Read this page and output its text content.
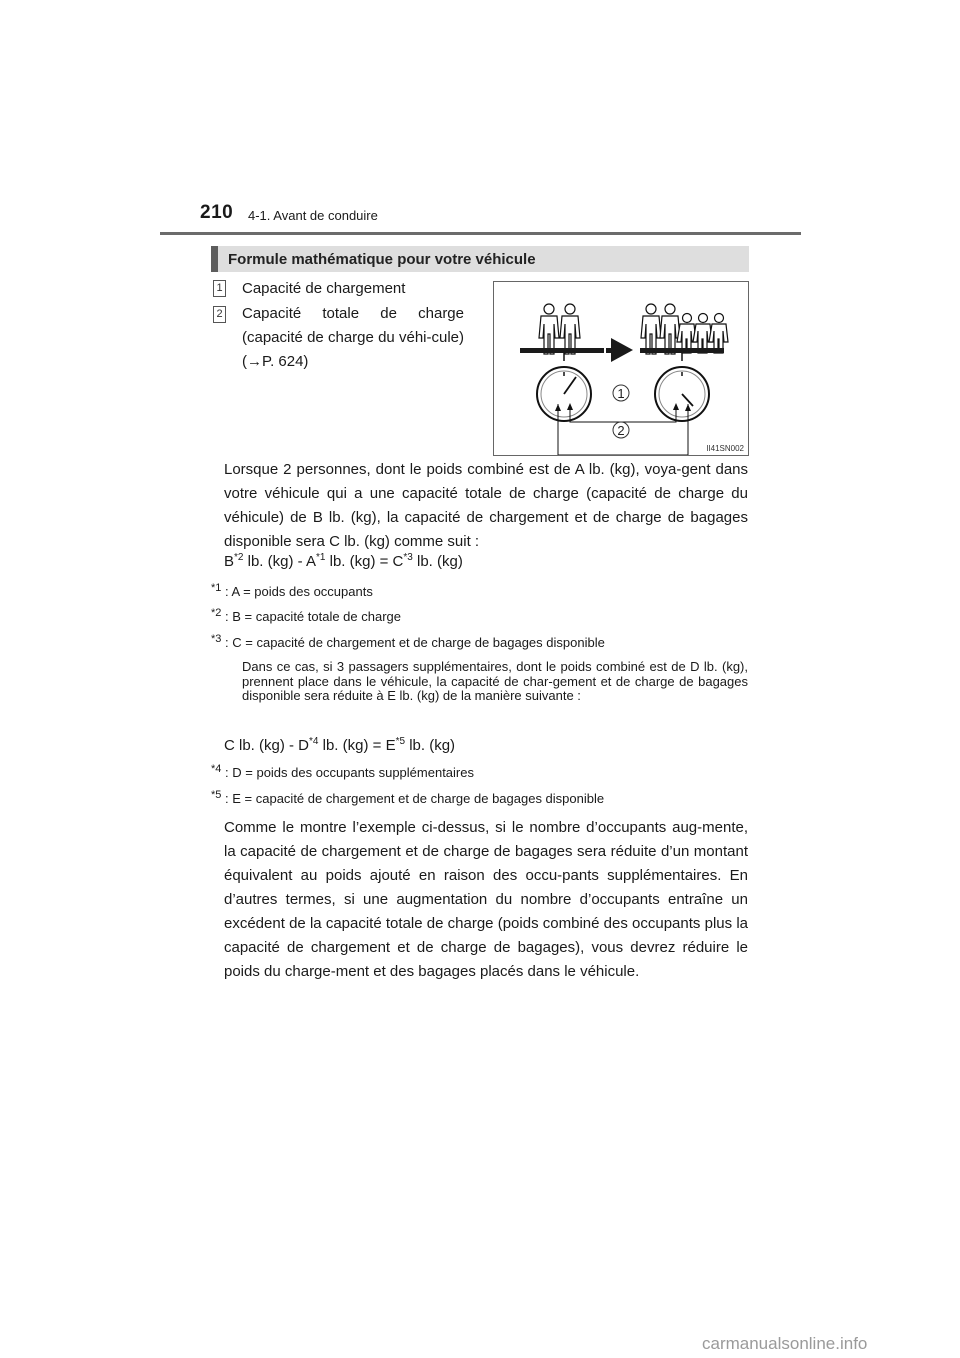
210 4-1. Avant de conduire
Formule mathématique pour votre véhicule
1 Capacité de chargement
2 Capacité totale de charge (capacité de charge du véhi-cule) (→P. 624)
1
2
II41SN002
Lorsque 2 personnes, dont le poids combiné est de A lb. (kg), voya-gent dans votre véhicule qui a une capacité totale de charge (capacité de charge du véhicule) de B lb. (kg), la capacité de chargement et de charge de bagages disponible sera C lb. (kg) comme suit :
$B^{*2}$ lb. $(kg) - A^{*1}$ lb. $(kg) = C^{*3}$ lb. (kg)
$^{*1}$ : A = poids des occupants
$^{*2}$ : B = capacité totale de charge
$^{*3}$ : C = capacité de chargement et de charge de bagages disponible
Dans ce cas, si 3 passagers supplémentaires, dont le poids combiné est de D lb. (kg), prennent place dans le véhicule, la capacité de char-gement et de charge de bagages disponible sera réduite à E lb. (kg) de la manière suivante :
C lb. $(kg) - D^{*4}$ lb. $(kg) = E^{*5}$ lb. (kg)
$^{*4}$ : D = poids des occupants supplémentaires
$^{*5}$ : E = capacité de chargement et de charge de bagages disponible
Comme le montre l’exemple ci-dessus, si le nombre d’occupants aug-mente, la capacité de chargement et de charge de bagages sera réduite d’un montant équivalent au poids ajouté en raison des occu-pants supplémentaires. En d’autres termes, si une augmentation du nombre d’occupants entraîne un excédent de la capacité totale de charge (poids combiné des occupants plus la capacité de chargement et de charge de bagages), vous devrez réduire le poids du charge-ment et des bagages placés dans le véhicule.
carmanualsonline.info
